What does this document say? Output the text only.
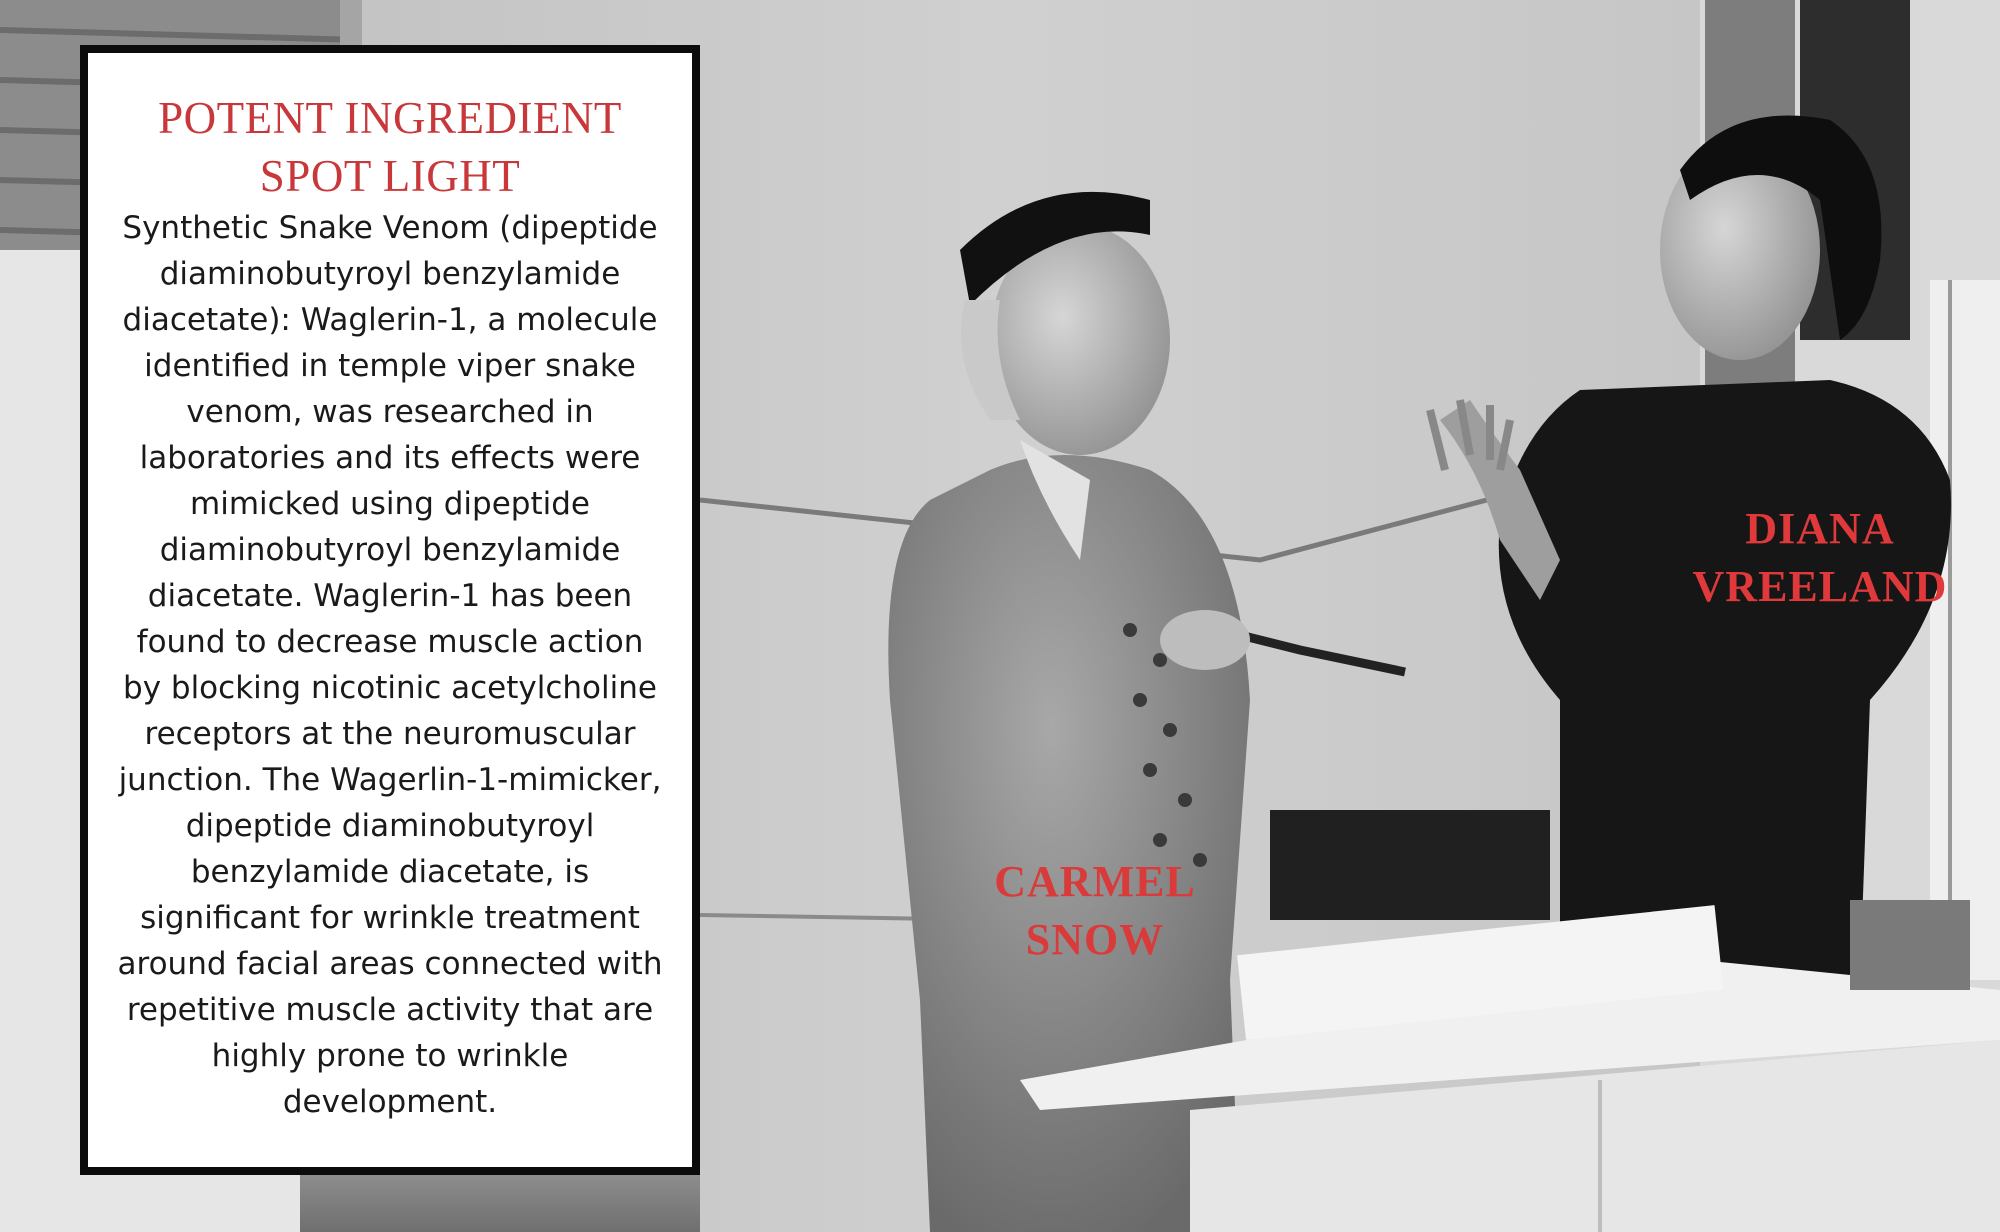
POTENT INGREDIENT
SPOT LIGHT

Synthetic Snake Venom (dipeptide diaminobutyroyl benzylamide diacetate): Waglerin-1, a molecule identified in temple viper snake venom, was researched in laboratories and its effects were mimicked using dipeptide diaminobutyroyl benzylamide diacetate. Waglerin-1 has been found to decrease muscle action by blocking nicotinic acetylcholine receptors at the neuromuscular junction. The Wagerlin-1-mimicker, dipeptide diaminobutyroyl benzylamide diacetate, is significant for wrinkle treatment around facial areas connected with repetitive muscle activity that are highly prone to wrinkle development.

DIANA
VREELAND
CARMEL
SNOW
